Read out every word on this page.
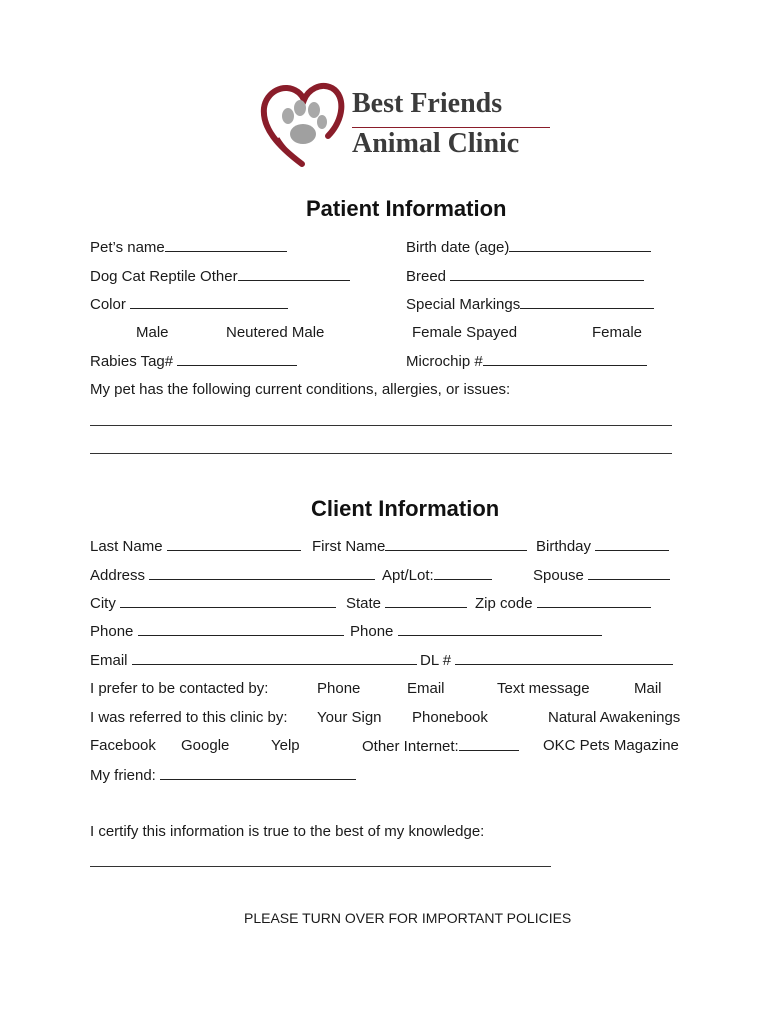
Best Friends
Animal Clinic
Patient Information
Pet’s name	Birth date (age)
Dog Cat Reptile Other	Breed
Color	Special Markings
Male	Neutered Male	Female Spayed	Female
Rabies Tag#	Microchip #
My pet has the following current conditions, allergies, or issues:
Client Information
Last Name	First Name	Birthday
Address	Apt/Lot:	Spouse
City	State	Zip code
Phone	Phone
Email	DL #
I prefer to be contacted by:	Phone	Email	Text message	Mail
I was referred to this clinic by: Your Sign Phonebook	Natural Awakenings
Facebook Google	Yelp	Other Internet:	OKC Pets Magazine
My friend:
I certify this information is true to the best of my knowledge:
PLEASE TURN OVER FOR IMPORTANT POLICIES
